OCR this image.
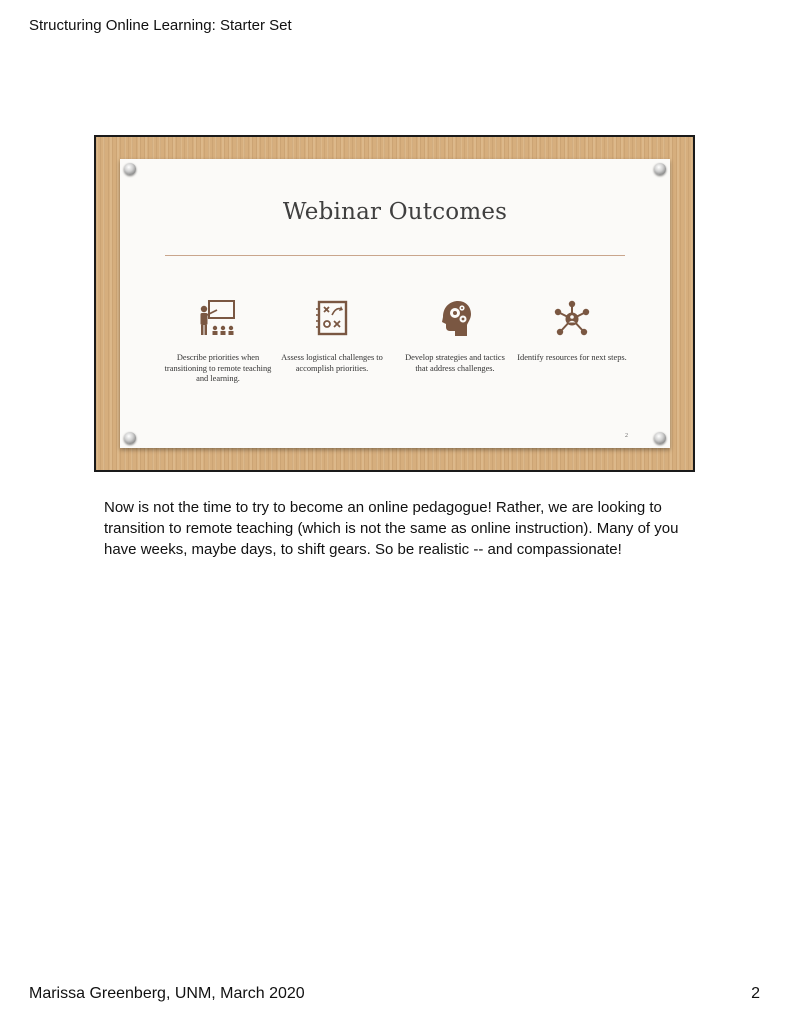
Structuring Online Learning: Starter Set
Webinar Outcomes
Describe priorities when transitioning to remote teaching and learning.
Assess logistical challenges to accomplish priorities.
Develop strategies and tactics that address challenges.
Identify resources for next steps.
2
Now is not the time to try to become an online pedagogue! Rather, we are looking to transition to remote teaching (which is not the same as online instruction). Many of you have weeks, maybe days, to shift gears. So be realistic -- and compassionate!
Marissa Greenberg, UNM, March 2020	2
